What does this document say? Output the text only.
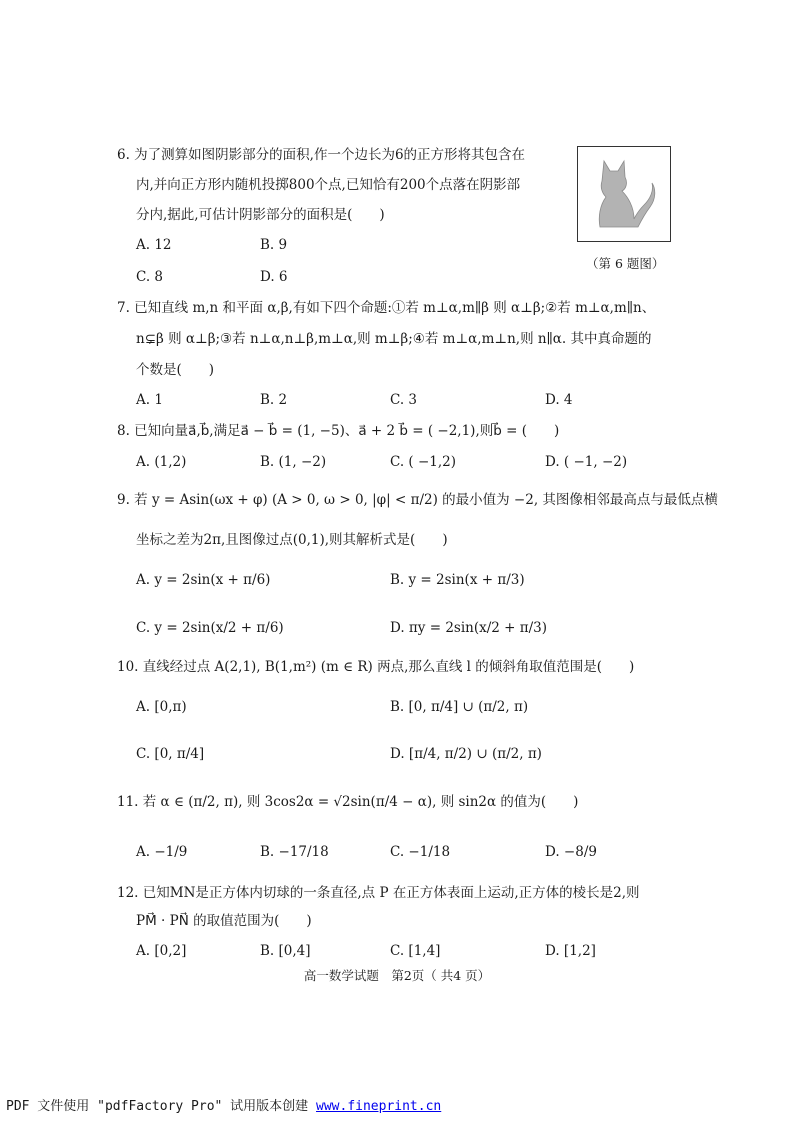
6. 为了测算如图阴影部分的面积,作一个边长为6的正方形将其包含在
内,并向正方形内随机投掷800个点,已知恰有200个点落在阴影部
分内,据此,可估计阴影部分的面积是(　　)
A. 12	B. 9
C. 8	D. 6
（第 6 题图）
7. 已知直线 m,n 和平面 α,β,有如下四个命题:①若 m⊥α,m∥β 则 α⊥β;②若 m⊥α,m∥n、
n⊊β 则 α⊥β;③若 n⊥α,n⊥β,m⊥α,则 m⊥β;④若 m⊥α,m⊥n,则 n∥α. 其中真命题的
个数是(　　)
A. 1	B. 2	C. 3	D. 4
8. 已知向量a⃗,b⃗,满足a⃗ − b⃗ = (1, −5)、a⃗ + 2 b⃗ = ( −2,1),则b⃗ = (　　)
A. (1,2)	B. (1, −2)	C. ( −1,2)	D. ( −1, −2)
9. 若 y = Asin(ωx + φ) (A > 0, ω > 0, |φ| < π/2) 的最小值为 −2, 其图像相邻最高点与最低点横
坐标之差为2π,且图像过点(0,1),则其解析式是(　　)
A. y = 2sin(x + π/6)	B. y = 2sin(x + π/3)
C. y = 2sin(x/2 + π/6)	D. πy = 2sin(x/2 + π/3)
10. 直线经过点 A(2,1), B(1,m²) (m ∈ R) 两点,那么直线 l 的倾斜角取值范围是(　　)
A. [0,π)	B. [0, π/4] ∪ (π/2, π)
C. [0, π/4]	D. [π/4, π/2) ∪ (π/2, π)
11. 若 α ∈ (π/2, π), 则 3cos2α = √2sin(π/4 − α), 则 sin2α 的值为(　　)
A. −1/9	B. −17/18	C. −1/18	D. −8/9
12. 已知MN是正方体内切球的一条直径,点 P 在正方体表面上运动,正方体的棱长是2,则
PM⃗ · PN⃗ 的取值范围为(　　)
A. [0,2]	B. [0,4]	C. [1,4]	D. [1,2]
高一数学试题　第2页（ 共4 页）
PDF 文件使用 "pdfFactory Pro" 试用版本创建 www.fineprint.cn
